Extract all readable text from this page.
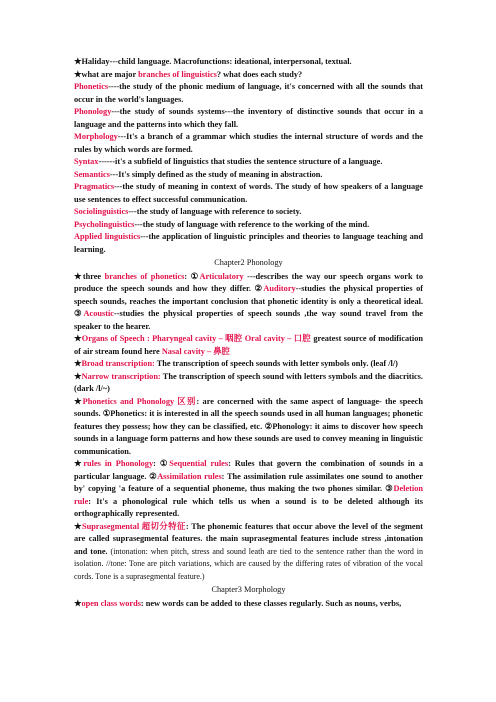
★Haliday---child language. Macrofunctions: ideational, interpersonal, textual.

★what are major branches of linguistics? what does each study?

Phonetics----the study of the phonic medium of language, it's concerned with all the sounds that occur in the world's languages.

Phonology---the study of sounds systems---the inventory of distinctive sounds that occur in a language and the patterns into which they fall.

Morphology---It's a branch of a grammar which studies the internal structure of words and the rules by which words are formed.

Syntax------it's a subfield of linguistics that studies the sentence structure of a language.

Semantics---It's simply defined as the study of meaning in abstraction.

Pragmatics---the study of meaning in context of words. The study of how speakers of a language use sentences to effect successful communication.

Sociolinguistics---the study of language with reference to society.

Psycholinguistics---the study of language with reference to the working of the mind.

Applied linguistics---the application of linguistic principles and theories to language teaching and learning.

Chapter2 Phonology

★three branches of phonetics: ①Articulatory ---describes the way our speech organs work to produce the speech sounds and how they differ. ②Auditory--studies the physical properties of speech sounds, reaches the important conclusion that phonetic identity is only a theoretical ideal. ③Acoustic--studies the physical properties of speech sounds ,the way sound travel from the speaker to the hearer.

★Organs of Speech : Pharyngeal cavity – 咽腔 Oral cavity – 口腔 greatest source of modification of air stream found here Nasal cavity – 鼻腔

★Broad transcription: The transcription of speech sounds with letter symbols only. (leaf /l/)

★Narrow transcription: The transcription of speech sound with letters symbols and the diacritics.(dark /l/~)

★Phonetics and Phonology 区别: are concerned with the same aspect of language- the speech sounds. ①Phonetics: it is interested in all the speech sounds used in all human languages; phonetic features they possess; how they can be classified, etc. ②Phonology: it aims to discover how speech sounds in a language form patterns and how these sounds are used to convey meaning in linguistic communication.

★rules in Phonology: ①Sequential rules: Rules that govern the combination of sounds in a particular language. ②Assimilation rules: The assimilation rule assimilates one sound to another by' copying 'a feature of a sequential phoneme, thus making the two phones similar. ③Deletion rule: It's a phonological rule which tells us when a sound is to be deleted although its orthographically represented.

★Suprasegmental 超切分特征: The phonemic features that occur above the level of the segment are called suprasegmental features. the main suprasegmental features include stress ,intonation and tone. (intonation: when pitch, stress and sound leath are tied to the sentence rather than the word in isolation. //tone: Tone are pitch variations, which are caused by the differing rates of vibration of the vocal cords. Tone is a suprasegmental feature.)

Chapter3 Morphology

★open class words: new words can be added to these classes regularly. Such as nouns, verbs,
